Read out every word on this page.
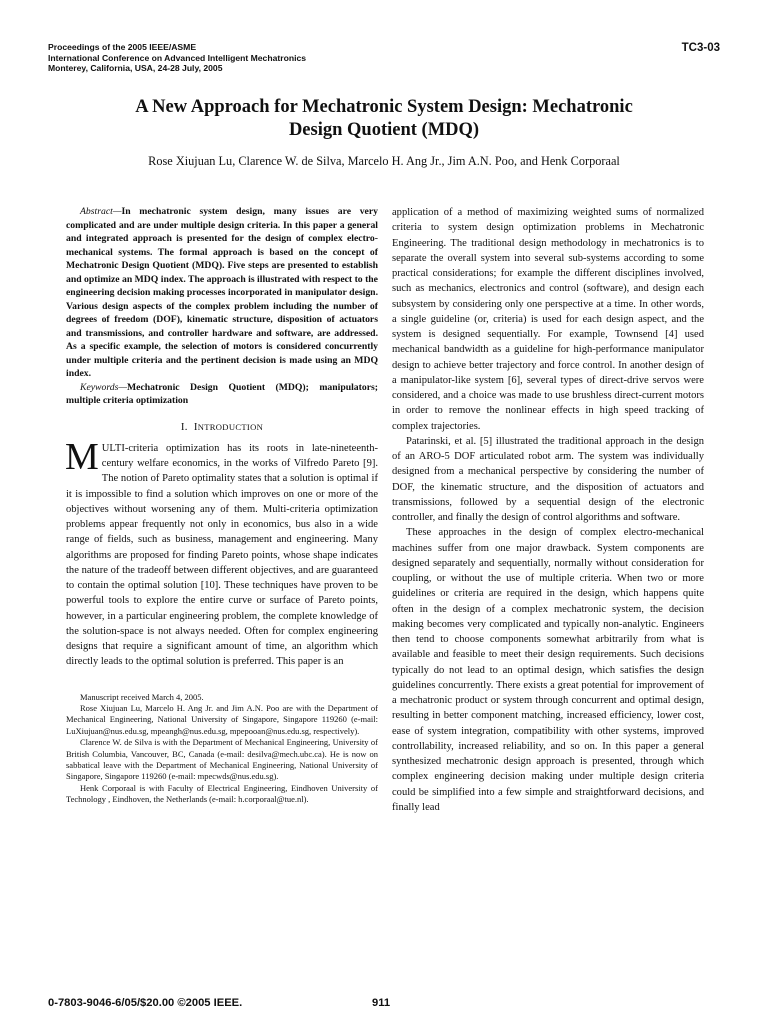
Proceedings of the 2005 IEEE/ASME
International Conference on Advanced Intelligent Mechatronics
Monterey, California, USA, 24-28 July, 2005
TC3-03
A New Approach for Mechatronic System Design: Mechatronic
Design Quotient (MDQ)
Rose Xiujuan Lu, Clarence W. de Silva, Marcelo H. Ang Jr., Jim A.N. Poo, and Henk Corporaal

Abstract—In mechatronic system design, many issues are very complicated and are under multiple design criteria. In this paper a general and integrated approach is presented for the design of complex electro-mechanical systems. The formal approach is based on the concept of Mechatronic Design Quotient (MDQ). Five steps are presented to establish and optimize an MDQ index. The approach is illustrated with respect to the engineering decision making processes incorporated in manipulator design. Various design aspects of the complex problem including the number of degrees of freedom (DOF), kinematic structure, disposition of actuators and transmissions, and controller hardware and software, are addressed. As a specific example, the selection of motors is considered concurrently under multiple criteria and the pertinent decision is made using an MDQ index.

Keywords—Mechatronic Design Quotient (MDQ); manipulators; multiple criteria optimization

I. INTRODUCTION

MULTI-criteria optimization has its roots in late-nineteenth-century welfare economics, in the works of Vilfredo Pareto [9]. The notion of Pareto optimality states that a solution is optimal if it is impossible to find a solution which improves on one or more of the objectives without worsening any of them. Multi-criteria optimization problems appear frequently not only in economics, bus also in a wide range of fields, such as business, management and engineering. Many algorithms are proposed for finding Pareto points, whose shape indicates the nature of the tradeoff between different objectives, and are guaranteed to contain the optimal solution [10]. These techniques have proven to be powerful tools to explore the entire curve or surface of Pareto points, however, in a particular engineering problem, the complete knowledge of the solution-space is not always needed. Often for complex engineering designs that require a significant amount of time, an algorithm which directly leads to the optimal solution is preferred. This paper is an

Manuscript received March 4, 2005.

Rose Xiujuan Lu, Marcelo H. Ang Jr. and Jim A.N. Poo are with the Department of Mechanical Engineering, National University of Singapore, Singapore 119260 (e-mail: LuXiujuan@nus.edu.sg, mpeangh@nus.edu.sg, mpepooan@nus.edu.sg, respectively).

Clarence W. de Silva is with the Department of Mechanical Engineering, University of British Columbia, Vancouver, BC, Canada (e-mail: desilva@mech.ubc.ca). He is now on sabbatical leave with the Department of Mechanical Engineering, National University of Singapore, Singapore 119260 (e-mail: mpecwds@nus.edu.sg).

Henk Corporaal is with Faculty of Electrical Engineering, Eindhoven University of Technology , Eindhoven, the Netherlands (e-mail: h.corporaal@tue.nl).

application of a method of maximizing weighted sums of normalized criteria to system design optimization problems in Mechatronic Engineering. The traditional design methodology in mechatronics is to separate the overall system into several sub-systems according to some practical considerations; for example the different disciplines involved, such as mechanics, electronics and control (software), and design each subsystem by considering only one perspective at a time. In other words, a single guideline (or, criteria) is used for each design aspect, and the system is designed sequentially. For example, Townsend [4] used mechanical bandwidth as a guideline for high-performance manipulator design to achieve better trajectory and force control. In another design of a manipulator-like system [6], several types of direct-drive servos were considered, and a choice was made to use brushless direct-current motors in order to remove the nonlinear effects in high speed tracking of complex trajectories.

Patarinski, et al. [5] illustrated the traditional approach in the design of an ARO-5 DOF articulated robot arm. The system was individually designed from a mechanical perspective by considering the number of DOF, the kinematic structure, and the disposition of actuators and transmissions, followed by a sequential design of the electronic controller, and finally the design of control algorithms and software.

These approaches in the design of complex electro-mechanical machines suffer from one major drawback. System components are designed separately and sequentially, normally without consideration for coupling, or without the use of multiple criteria. When two or more guidelines or criteria are required in the design, which happens quite often in the design of a complex mechatronic system, the decision making becomes very complicated and typically non-analytic. Engineers then tend to choose components somewhat arbitrarily from what is available and feasible to meet their design requirements. Such decisions typically do not lead to an optimal design, which satisfies the design guidelines concurrently. There exists a great potential for improvement of a mechatronic product or system through concurrent and optimal design, resulting in better component matching, increased efficiency, lower cost, ease of system integration, compatibility with other systems, improved controllability, increased reliability, and so on. In this paper a general synthesized mechatronic design approach is presented, through which complex engineering decision making under multiple design criteria could be simplified into a few simple and straightforward decisions, and finally lead

0-7803-9046-6/05/$20.00 ©2005 IEEE.	911
